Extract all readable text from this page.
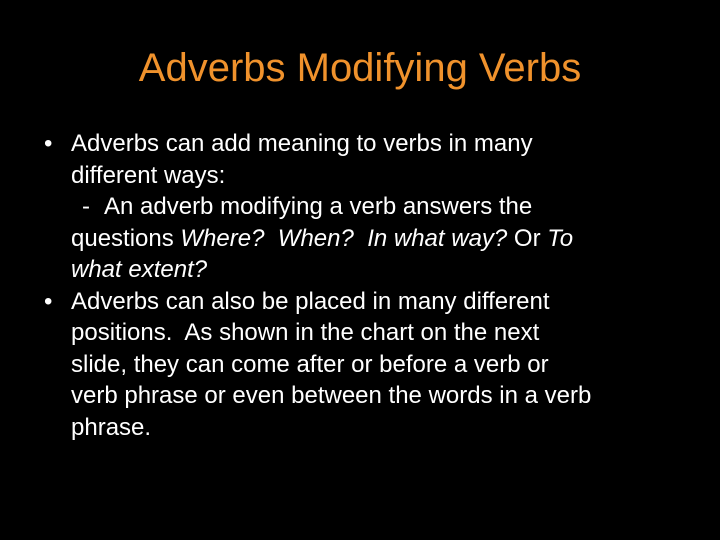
Adverbs Modifying Verbs
• Adverbs can add meaning to verbs in many
different ways:
- An adverb modifying a verb answers the
questions Where? When? In what way? Or To
what extent?
• Adverbs can also be placed in many different
positions.  As shown in the chart on the next
slide, they can come after or before a verb or
verb phrase or even between the words in a verb
phrase.
